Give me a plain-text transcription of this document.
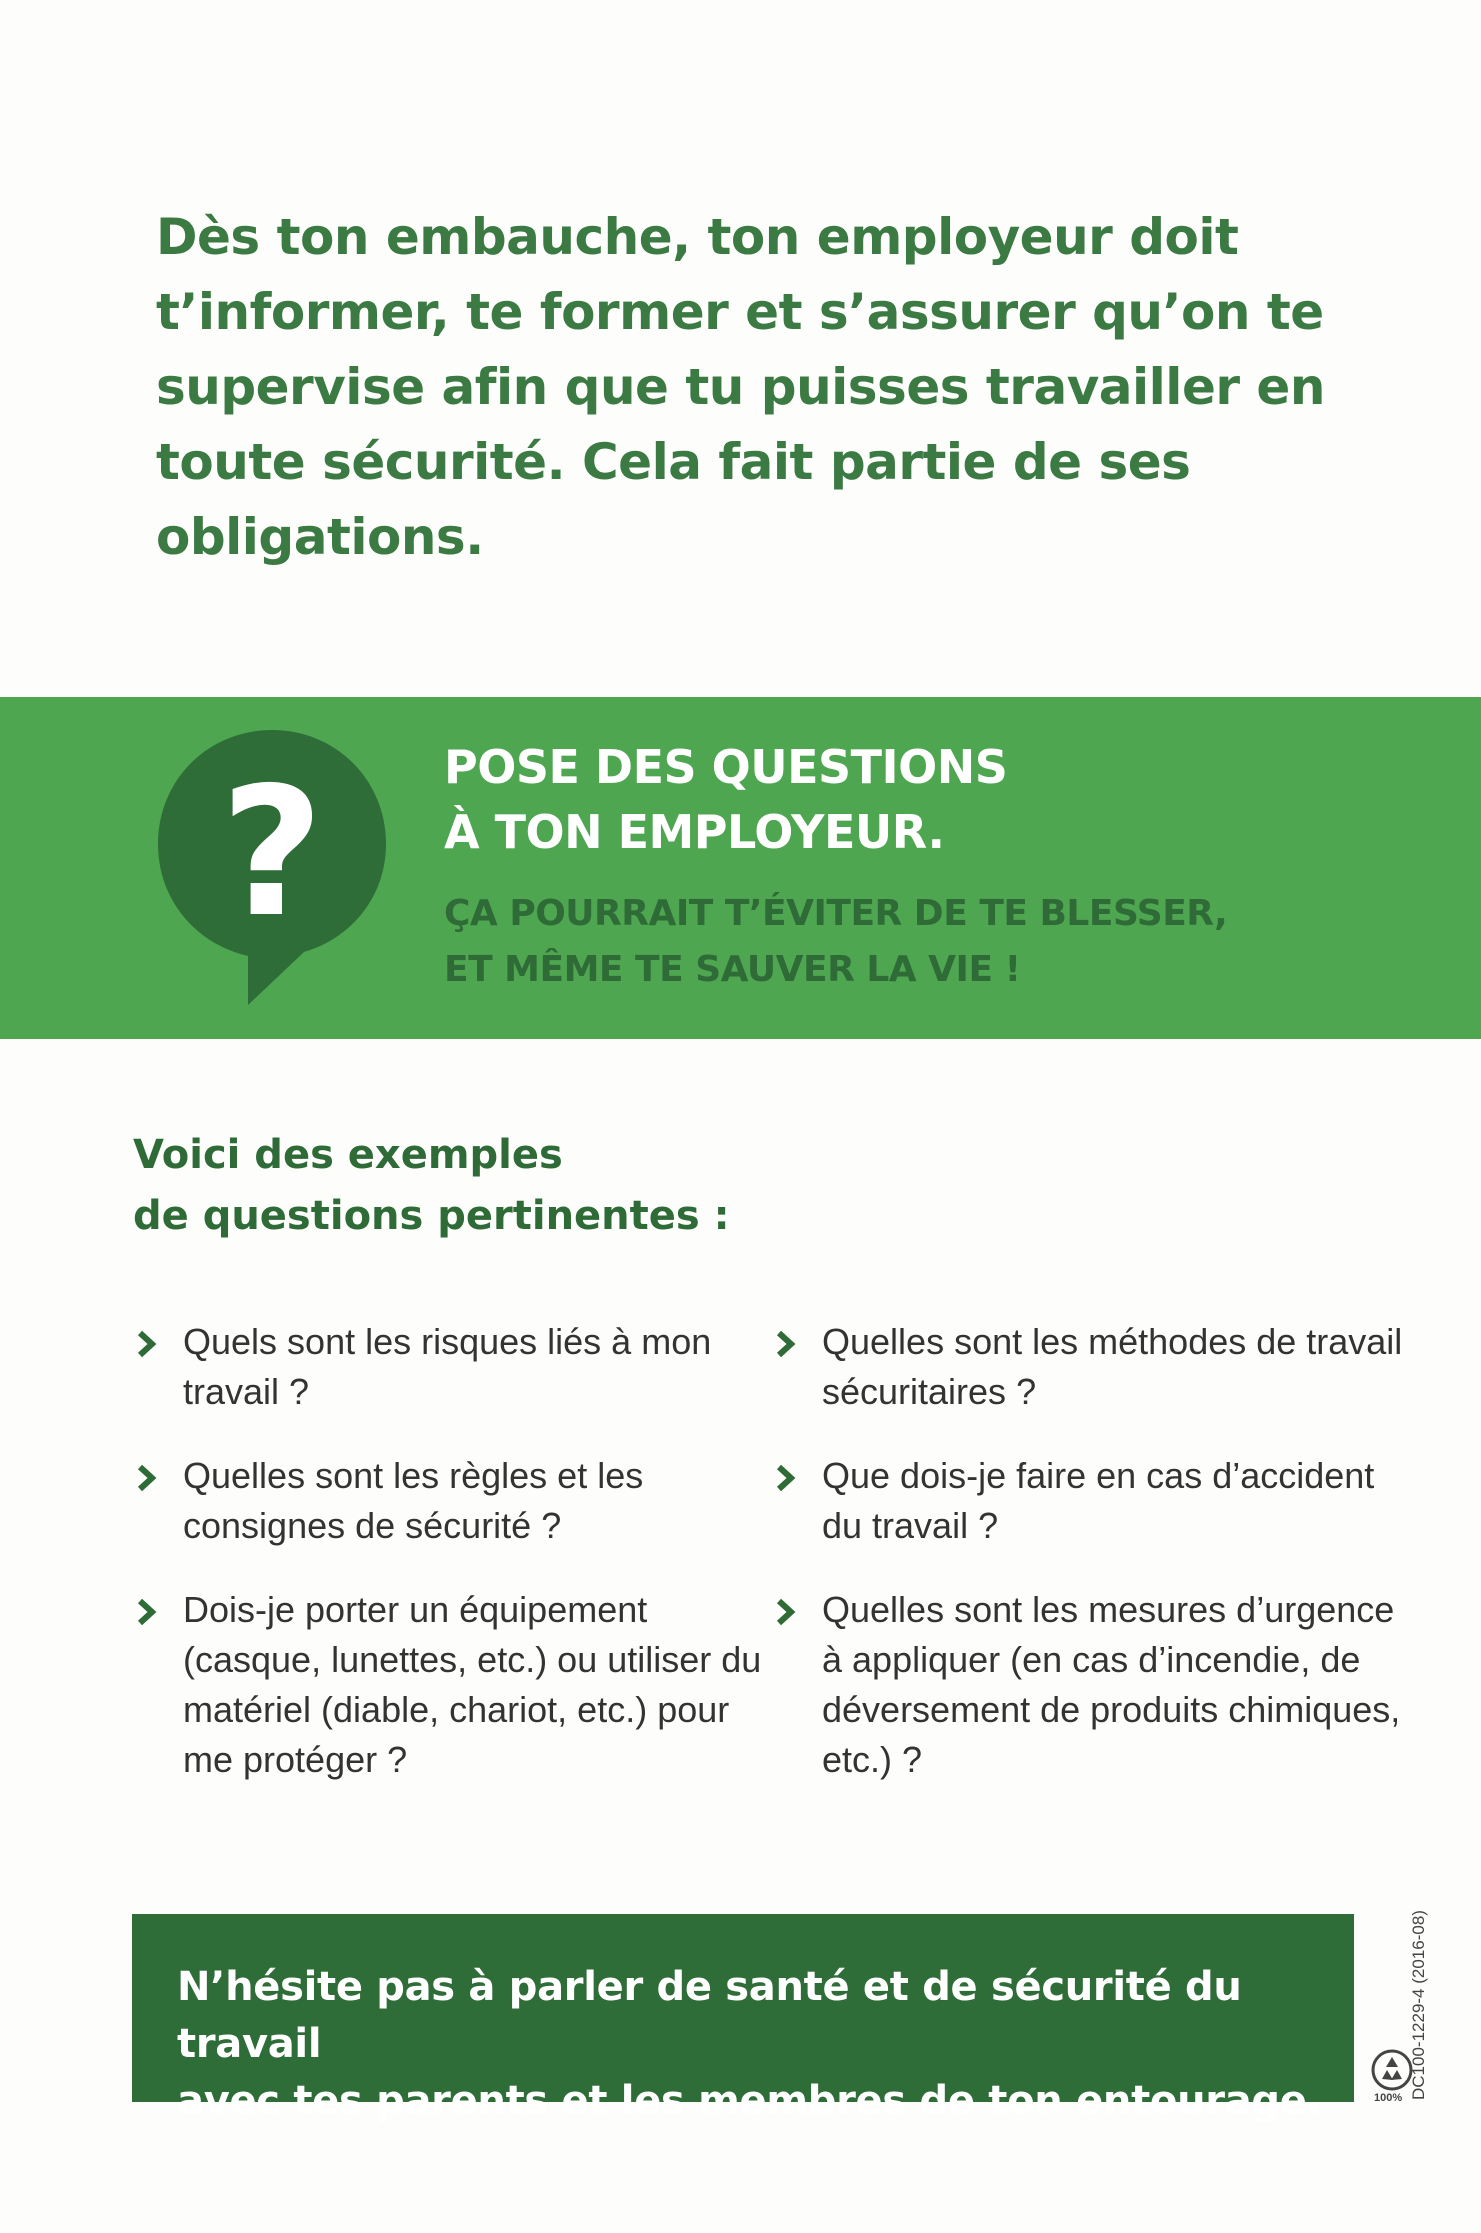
Dès ton embauche, ton employeur doit t’informer, te former et s’assurer qu’on te supervise afin que tu puisses travailler en toute sécurité. Cela fait partie de ses obligations.

?	POSE DES QUESTIONS
À TON EMPLOYEUR.

ÇA POURRAIT T’ÉVITER DE TE BLESSER,
ET MÊME TE SAUVER LA VIE !

Voici des exemples
de questions pertinentes :
Quels sont les risques liés à mon travail ?
Quelles sont les règles et les consignes de sécurité ?
Dois-je porter un équipement (casque, lunettes, etc.) ou utiliser du matériel (diable, chariot, etc.) pour me protéger ?
Quelles sont les méthodes de travail sécuritaires ?
Que dois-je faire en cas d’accident du travail ?
Quelles sont les mesures d’urgence à appliquer (en cas d’incendie, de déversement de produits chimiques, etc.) ?

N’hésite pas à parler de santé et de sécurité du travail
avec tes parents et les membres de ton entourage.

DC100-1229-4 (2016-08)
100%
